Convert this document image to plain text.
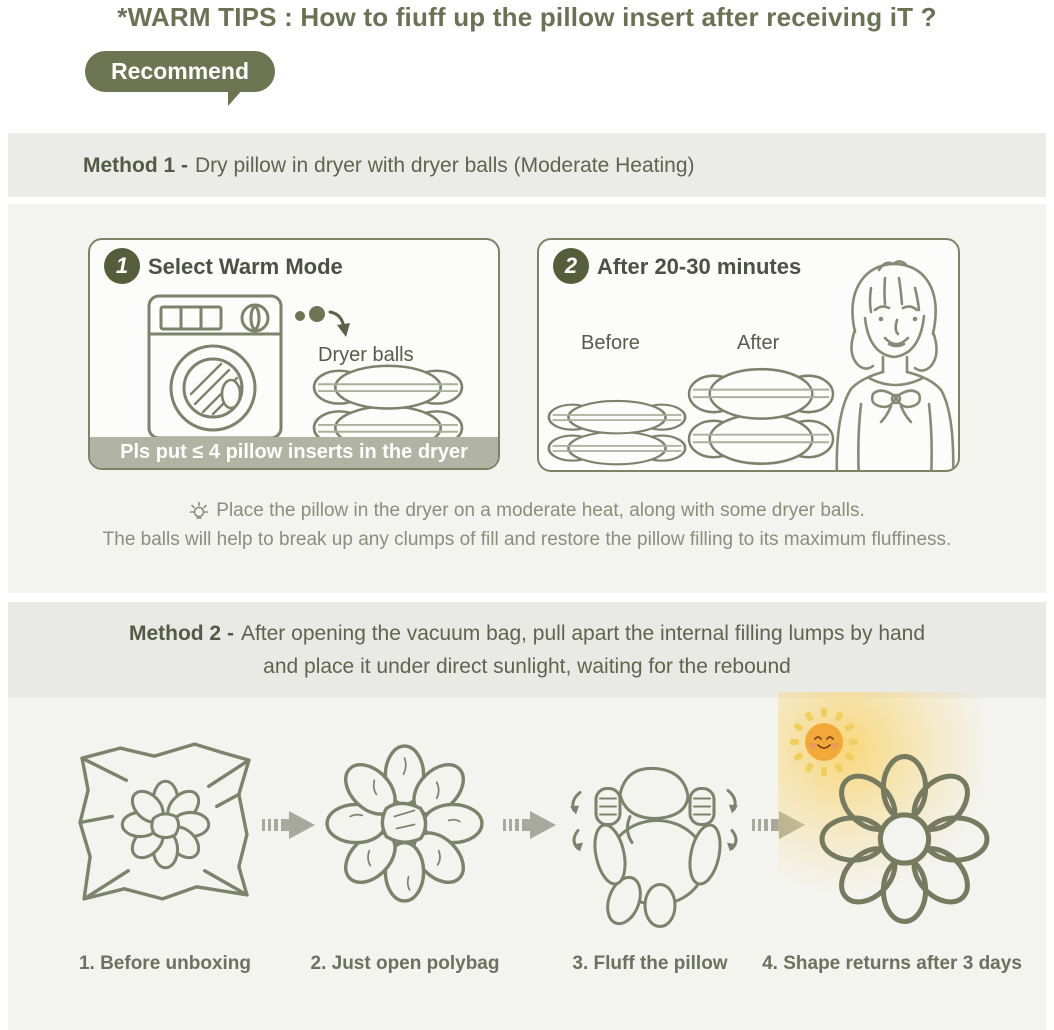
*WARM TIPS : How to fiuff up the pillow insert after receiving iT ?
Recommend
Method 1 - Dry pillow in dryer with dryer balls (Moderate Heating)
1 Select Warm Mode
Dryer balls
Pls put ≤ 4 pillow inserts in the dryer
2 After 20-30 minutes
Before	After
Place the pillow in the dryer on a moderate heat, along with some dryer balls.
The balls will help to break up any clumps of fill and restore the pillow filling to its maximum fluffiness.
Method 2 - After opening the vacuum bag, pull apart the internal filling lumps by hand
and place it under direct sunlight, waiting for the rebound
1. Before unboxing	2. Just open polybag	3. Fluff the pillow	4. Shape returns after 3 days
